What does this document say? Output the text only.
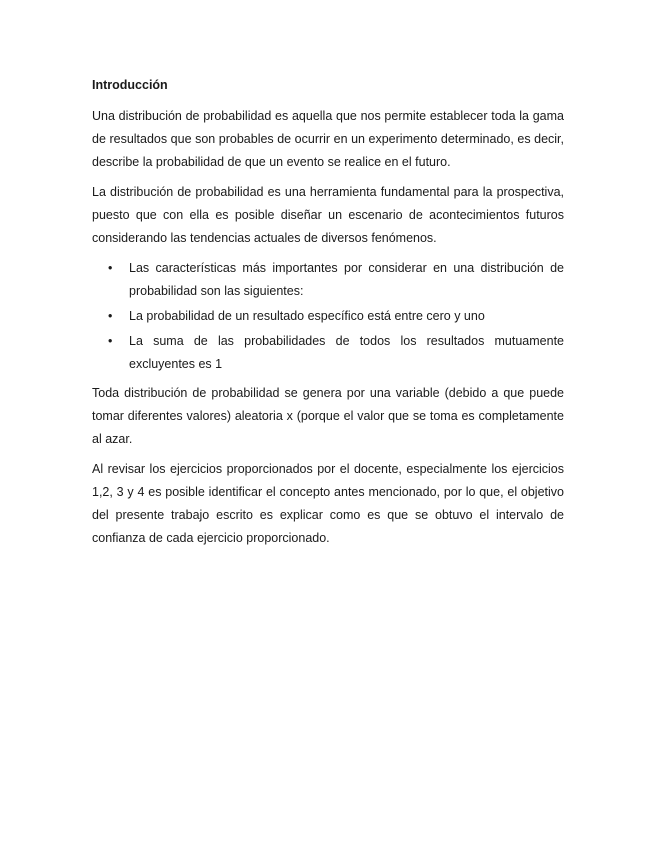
Introducción

Una distribución de probabilidad es aquella que nos permite establecer toda la gama de resultados que son probables de ocurrir en un experimento determinado, es decir, describe la probabilidad de que un evento se realice en el futuro.

La distribución de probabilidad es una herramienta fundamental para la prospectiva, puesto que con ella es posible diseñar un escenario de acontecimientos futuros considerando las tendencias actuales de diversos fenómenos.

• Las características más importantes por considerar en una distribución de probabilidad son las siguientes:
• La probabilidad de un resultado específico está entre cero y uno
• La suma de las probabilidades de todos los resultados mutuamente excluyentes es 1

Toda distribución de probabilidad se genera por una variable (debido a que puede tomar diferentes valores) aleatoria x (porque el valor que se toma es completamente al azar.

Al revisar los ejercicios proporcionados por el docente, especialmente los ejercicios 1,2, 3 y 4 es posible identificar el concepto antes mencionado, por lo que, el objetivo del presente trabajo escrito es explicar como es que se obtuvo el intervalo de confianza de cada ejercicio proporcionado.
